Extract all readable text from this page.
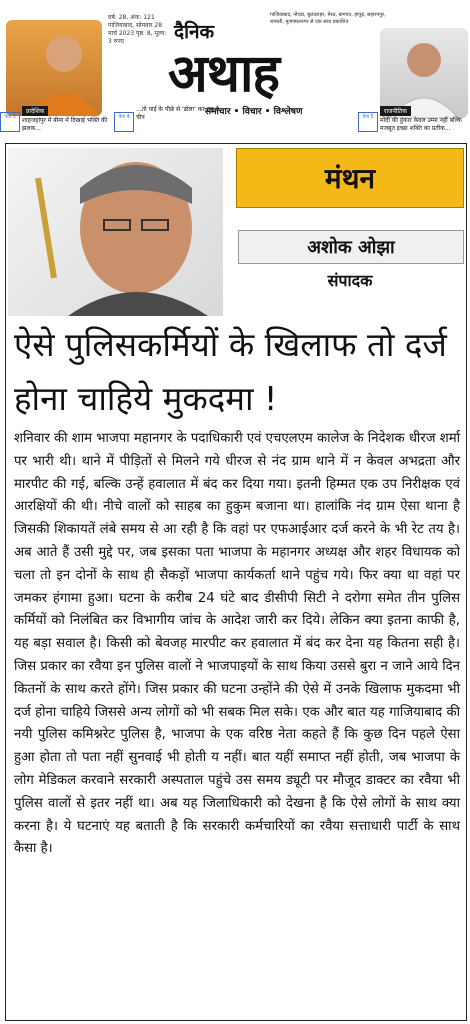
वर्ष: 28, अंक: 121 गाजियाबाद, सोमवार 28 मार्च 2023 पृष्ठ: 8, मूल्य: 3 रुपए	दैनिक
अथाह
समाचार • विचार • विश्लेषण
गाजियाबाद, नोएडा, बुलंदशहर, मेरठ, बागपत, हापुड़, सहारनपुर, शामली, मुजफ्फरनगर से एक साथ प्रकाशित
पेज 3
प्रादेशिक
शाहजहांपुर में बीमा में दिखाई भक्ति की झलक...
पेज 4
...तो पाई के पीछे से 'ढोला' कर रहा है चीन	पेज 5
राजनीतिक
मोदी की हुंकार केवल उम्मा नहीं बल्कि मजबूत इच्छा शक्ति का प्रतीक...
मंथन
अशोक ओझा
संपादक
ऐसे पुलिसकर्मियों के खिलाफ तो दर्ज होना चाहिये मुकदमा !
शनिवार की शाम भाजपा महानगर के पदाधिकारी एवं एचएलएम कालेज के निदेशक धीरज शर्मा पर भारी थी। थाने में पीड़ितों से मिलने गये धीरज से नंद ग्राम थाने में न केवल अभद्रता और मारपीट की गई, बल्कि उन्हें हवालात में बंद कर दिया गया। इतनी हिम्मत एक उप निरीक्षक एवं आरक्षियों की थी। नीचे वालों को साहब का हुकुम बजाना था। हालांकि नंद ग्राम ऐसा थाना है जिसकी शिकायतें लंबे समय से आ रही है कि वहां पर एफआईआर दर्ज करने के भी रेट तय है। अब आते हैं उसी मुद्दे पर, जब इसका पता भाजपा के महानगर अध्यक्ष और शहर विधायक को चला तो इन दोनों के साथ ही सैकड़ों भाजपा कार्यकर्ता थाने पहुंच गये। फिर क्या था वहां पर जमकर हंगामा हुआ। घटना के करीब 24 घंटे बाद डीसीपी सिटी ने दरोगा समेत तीन पुलिस कर्मियों को निलंबित कर विभागीय जांच के आदेश जारी कर दिये। लेकिन क्या इतना काफी है, यह बड़ा सवाल है। किसी को बेवजह मारपीट कर हवालात में बंद कर देना यह कितना सही है। जिस प्रकार का रवैया इन पुलिस वालों ने भाजपाइयों के साथ किया उससे बुरा न जाने आये दिन कितनों के साथ करते होंगे। जिस प्रकार की घटना उन्होंने की ऐसे में उनके खिलाफ मुकदमा भी दर्ज होना चाहिये जिससे अन्य लोगों को भी सबक मिल सके। एक और बात यह गाजियाबाद की नयी पुलिस कमिश्नरेट पुलिस है, भाजपा के एक वरिष्ठ नेता कहते हैं कि कुछ दिन पहले ऐसा हुआ होता तो पता नहीं सुनवाई भी होती य नहीं। बात यहीं समाप्त नहीं होती, जब भाजपा के लोग मेडिकल करवाने सरकारी अस्पताल पहुंचे उस समय ड्यूटी पर मौजूद डाक्टर का रवैया भी पुलिस वालों से इतर नहीं था। अब यह जिलाधिकारी को देखना है कि ऐसे लोगों के साथ क्या करना है। ये घटनाएं यह बताती है कि सरकारी कर्मचारियों का रवैया सत्ताधारी पार्टी के साथ कैसा है।
